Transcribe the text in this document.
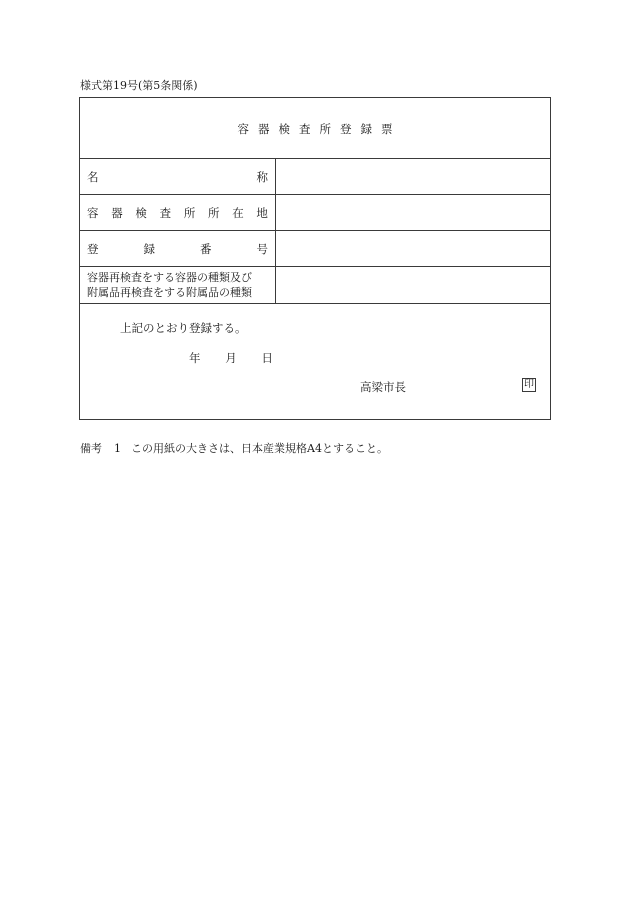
様式第19号(第5条関係)
容器検査所登録票
名	称
容 器 検 査 所 所 在 地
登	録	番	号
容器再検査をする容器の種類及び
附属品再検査をする附属品の種類
上記のとおり登録する。
年 月 日
高梁市長	印
備考	1 この用紙の大きさは、日本産業規格A4とすること。
